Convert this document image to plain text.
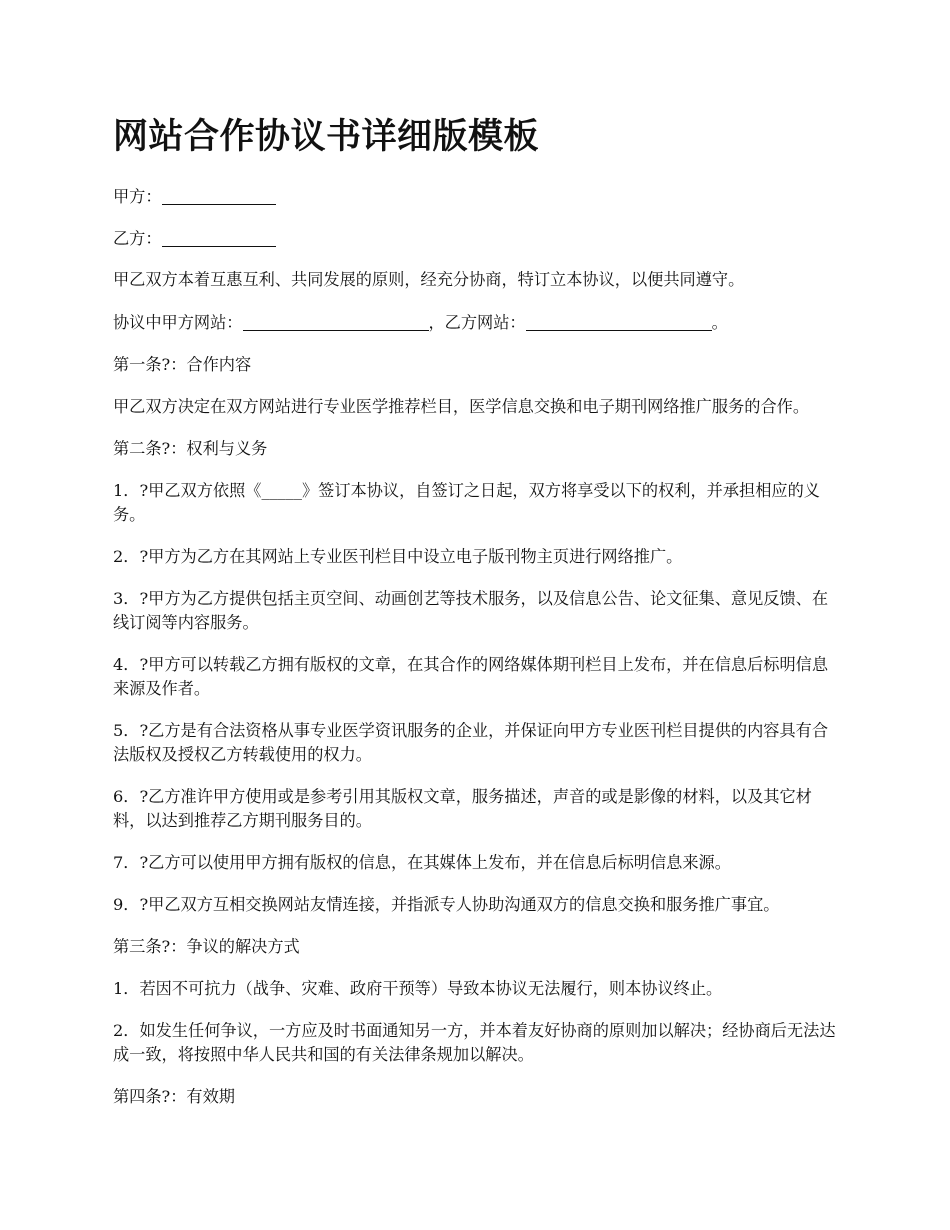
网站合作协议书详细版模板

甲方：

乙方：

甲乙双方本着互惠互利、共同发展的原则，经充分协商，特订立本协议，以便共同遵守。

协议中甲方网站：	，乙方网站：	。

第一条?：合作内容

甲乙双方决定在双方网站进行专业医学推荐栏目，医学信息交换和电子期刊网络推广服务的合作。

第二条?：权利与义务

1．?甲乙双方依照《_____》签订本协议，自签订之日起，双方将享受以下的权利，并承担相应的义务。

2．?甲方为乙方在其网站上专业医刊栏目中设立电子版刊物主页进行网络推广。

3．?甲方为乙方提供包括主页空间、动画创艺等技术服务，以及信息公告、论文征集、意见反馈、在线订阅等内容服务。

4．?甲方可以转载乙方拥有版权的文章，在其合作的网络媒体期刊栏目上发布，并在信息后标明信息来源及作者。

5．?乙方是有合法资格从事专业医学资讯服务的企业，并保证向甲方专业医刊栏目提供的内容具有合法版权及授权乙方转载使用的权力。

6．?乙方准许甲方使用或是参考引用其版权文章，服务描述，声音的或是影像的材料，以及其它材料，以达到推荐乙方期刊服务目的。

7．?乙方可以使用甲方拥有版权的信息，在其媒体上发布，并在信息后标明信息来源。

9．?甲乙双方互相交换网站友情连接，并指派专人协助沟通双方的信息交换和服务推广事宜。

第三条?：争议的解决方式

1．若因不可抗力（战争、灾难、政府干预等）导致本协议无法履行，则本协议终止。

2．如发生任何争议，一方应及时书面通知另一方，并本着友好协商的原则加以解决；经协商后无法达成一致，将按照中华人民共和国的有关法律条规加以解决。

第四条?：有效期
